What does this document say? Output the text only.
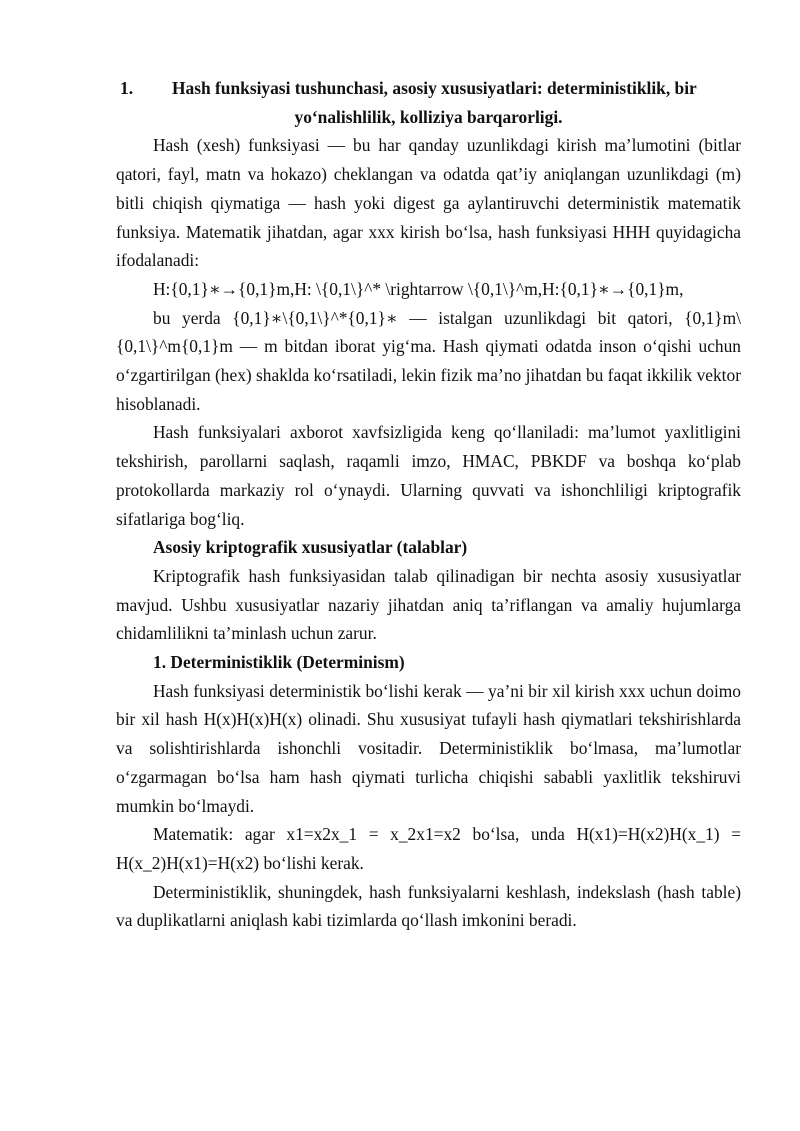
1. Hash funksiyasi tushunchasi, asosiy xususiyatlari: deterministiklik, bir

yo‘nalishlilik, kolliziya barqarorligi.

Hash (xesh) funksiyasi — bu har qanday uzunlikdagi kirish ma’lumotini (bitlar qatori, fayl, matn va hokazo) cheklangan va odatda qat’iy aniqlangan uzunlikdagi (m) bitli chiqish qiymatiga — hash yoki digest ga aylantiruvchi deterministik matematik funksiya. Matematik jihatdan, agar xxx kirish bo‘lsa, hash funksiyasi HHH quyidagicha ifodalanadi:

H:{0,1}∗→{0,1}m,H: \{0,1\}^* \rightarrow \{0,1\}^m,H:{0,1}∗→{0,1}m,

bu yerda {0,1}∗\{0,1\}^*{0,1}∗ — istalgan uzunlikdagi bit qatori, {0,1}m\{0,1\}^m{0,1}m — m bitdan iborat yig‘ma. Hash qiymati odatda inson o‘qishi uchun o‘zgartirilgan (hex) shaklda ko‘rsatiladi, lekin fizik ma’no jihatdan bu faqat ikkilik vektor hisoblanadi.

Hash funksiyalari axborot xavfsizligida keng qo‘llaniladi: ma’lumot yaxlitligini tekshirish, parollarni saqlash, raqamli imzo, HMAC, PBKDF va boshqa ko‘plab protokollarda markaziy rol o‘ynaydi. Ularning quvvati va ishonchliligi kriptografik sifatlariga bog‘liq.

Asosiy kriptografik xususiyatlar (talablar)

Kriptografik hash funksiyasidan talab qilinadigan bir nechta asosiy xususiyatlar mavjud. Ushbu xususiyatlar nazariy jihatdan aniq ta’riflangan va amaliy hujumlarga chidamlilikni ta’minlash uchun zarur.

1. Deterministiklik (Determinism)

Hash funksiyasi deterministik bo‘lishi kerak — ya’ni bir xil kirish xxx uchun doimo bir xil hash H(x)H(x)H(x) olinadi. Shu xususiyat tufayli hash qiymatlari tekshirishlarda va solishtirishlarda ishonchli vositadir. Deterministiklik bo‘lmasa, ma’lumotlar o‘zgarmagan bo‘lsa ham hash qiymati turlicha chiqishi sababli yaxlitlik tekshiruvi mumkin bo‘lmaydi.

Matematik: agar x1=x2x_1 = x_2x1=x2 bo‘lsa, unda H(x1)=H(x2)H(x_1) = H(x_2)H(x1)=H(x2) bo‘lishi kerak.

Deterministiklik, shuningdek, hash funksiyalarni keshlash, indekslash (hash table) va duplikatlarni aniqlash kabi tizimlarda qo‘llash imkonini beradi.
